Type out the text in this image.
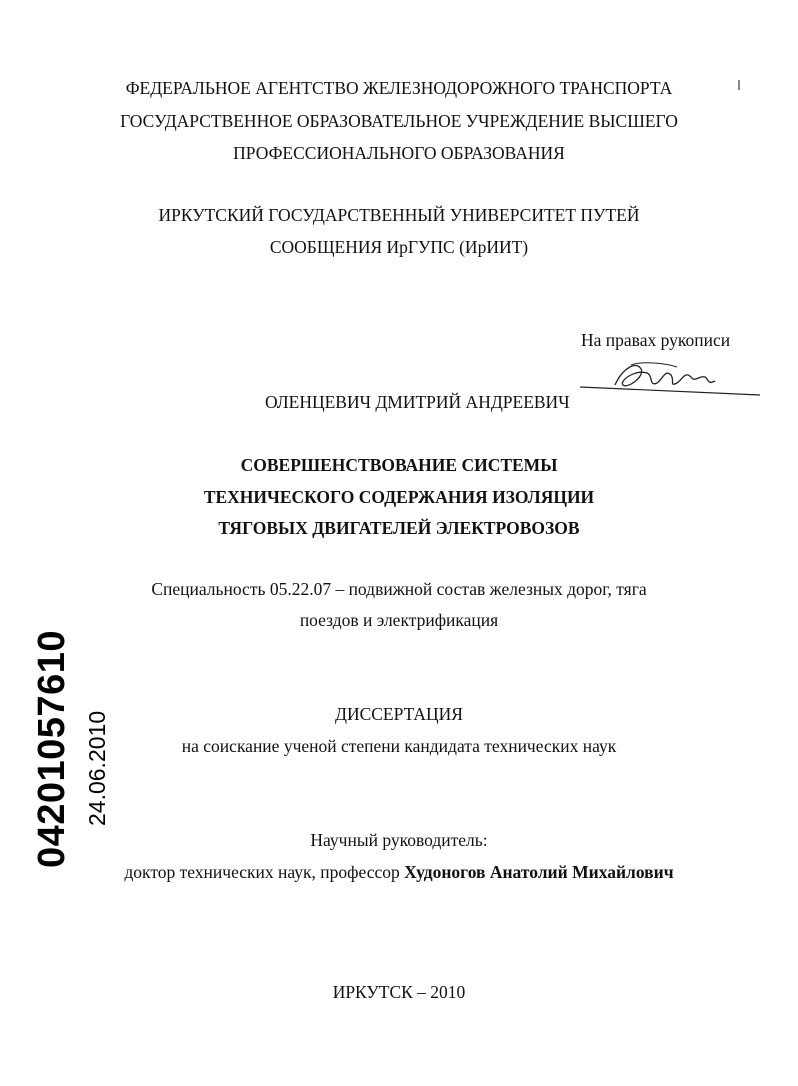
ФЕДЕРАЛЬНОЕ АГЕНТСТВО ЖЕЛЕЗНОДОРОЖНОГО ТРАНСПОРТА
ГОСУДАРСТВЕННОЕ ОБРАЗОВАТЕЛЬНОЕ УЧРЕЖДЕНИЕ ВЫСШЕГО
ПРОФЕССИОНАЛЬНОГО ОБРАЗОВАНИЯ
ИРКУТСКИЙ ГОСУДАРСТВЕННЫЙ УНИВЕРСИТЕТ ПУТЕЙ
СООБЩЕНИЯ ИрГУПС (ИрИИТ)
На правах рукописи
ОЛЕНЦЕВИЧ ДМИТРИЙ АНДРЕЕВИЧ
СОВЕРШЕНСТВОВАНИЕ СИСТЕМЫ
ТЕХНИЧЕСКОГО СОДЕРЖАНИЯ ИЗОЛЯЦИИ
ТЯГОВЫХ ДВИГАТЕЛЕЙ ЭЛЕКТРОВОЗОВ
Специальность 05.22.07 – подвижной состав железных дорог, тяга
поездов и электрификация
ДИССЕРТАЦИЯ
на соискание ученой степени кандидата технических наук
Научный руководитель:
доктор технических наук, профессор Худоногов Анатолий Михайлович
ИРКУТСК – 2010
04201057610 24.06.2010
